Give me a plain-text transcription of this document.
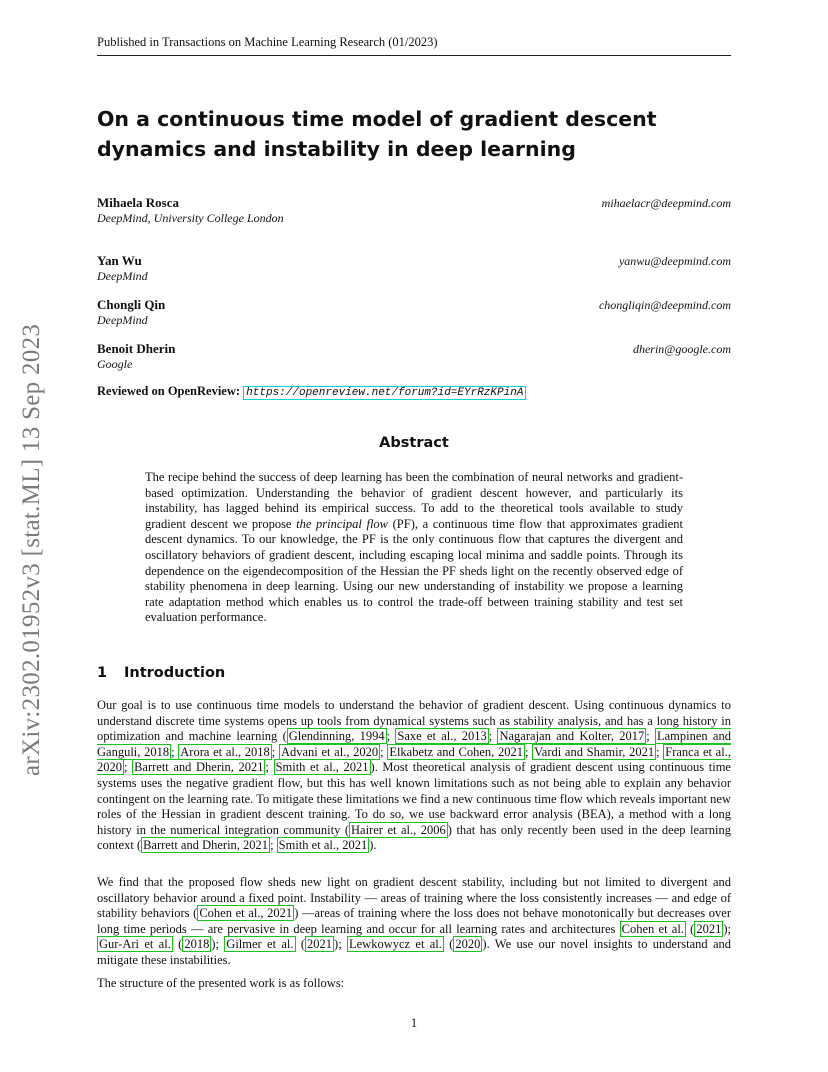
arXiv:2302.01952v3 [stat.ML] 13 Sep 2023
Published in Transactions on Machine Learning Research (01/2023)
On a continuous time model of gradient descent dynamics and instability in deep learning
Mihaela Rosca
DeepMind, University College London
mihaelacr@deepmind.com
Yan Wu
DeepMind
yanwu@deepmind.com
Chongli Qin
DeepMind
chongliqin@deepmind.com
Benoit Dherin
Google
dherin@google.com
Reviewed on OpenReview: https://openreview.net/forum?id=EYrRzKPinA
Abstract
The recipe behind the success of deep learning has been the combination of neural networks and gradient-based optimization. Understanding the behavior of gradient descent however, and particularly its instability, has lagged behind its empirical success. To add to the theoretical tools available to study gradient descent we propose the principal flow (PF), a continuous time flow that approximates gradient descent dynamics. To our knowledge, the PF is the only continuous flow that captures the divergent and oscillatory behaviors of gradient descent, including escaping local minima and saddle points. Through its dependence on the eigendecomposition of the Hessian the PF sheds light on the recently observed edge of stability phenomena in deep learning. Using our new understanding of instability we propose a learning rate adaptation method which enables us to control the trade-off between training stability and test set evaluation performance.
1 Introduction
Our goal is to use continuous time models to understand the behavior of gradient descent. Using continuous dynamics to understand discrete time systems opens up tools from dynamical systems such as stability analysis, and has a long history in optimization and machine learning ( Glendinning, 1994 ; Saxe et al., 2013 ; Nagarajan and Kolter, 2017 ; Lampinen and Ganguli, 2018 ; Arora et al., 2018 ; Advani et al., 2020 ; Elkabetz and Cohen, 2021 ; Vardi and Shamir, 2021 ; Franca et al., 2020 ; Barrett and Dherin, 2021 ; Smith et al., 2021 ). Most theoretical analysis of gradient descent using continuous time systems uses the negative gradient flow, but this has well known limitations such as not being able to explain any behavior contingent on the learning rate. To mitigate these limitations we find a new continuous time flow which reveals important new roles of the Hessian in gradient descent training. To do so, we use backward error analysis (BEA), a method with a long history in the numerical integration community ( Hairer et al., 2006 ) that has only recently been used in the deep learning context ( Barrett and Dherin, 2021 ; Smith et al., 2021 ).
We find that the proposed flow sheds new light on gradient descent stability, including but not limited to divergent and oscillatory behavior around a fixed point. Instability — areas of training where the loss consistently increases — and edge of stability behaviors ( Cohen et al., 2021 ) —areas of training where the loss does not behave monotonically but decreases over long time periods — are pervasive in deep learning and occur for all learning rates and architectures Cohen et al. ( 2021 ); Gur-Ari et al. ( 2018 ); Gilmer et al. ( 2021 ); Lewkowycz et al. ( 2020 ). We use our novel insights to understand and mitigate these instabilities.
The structure of the presented work is as follows:
1
